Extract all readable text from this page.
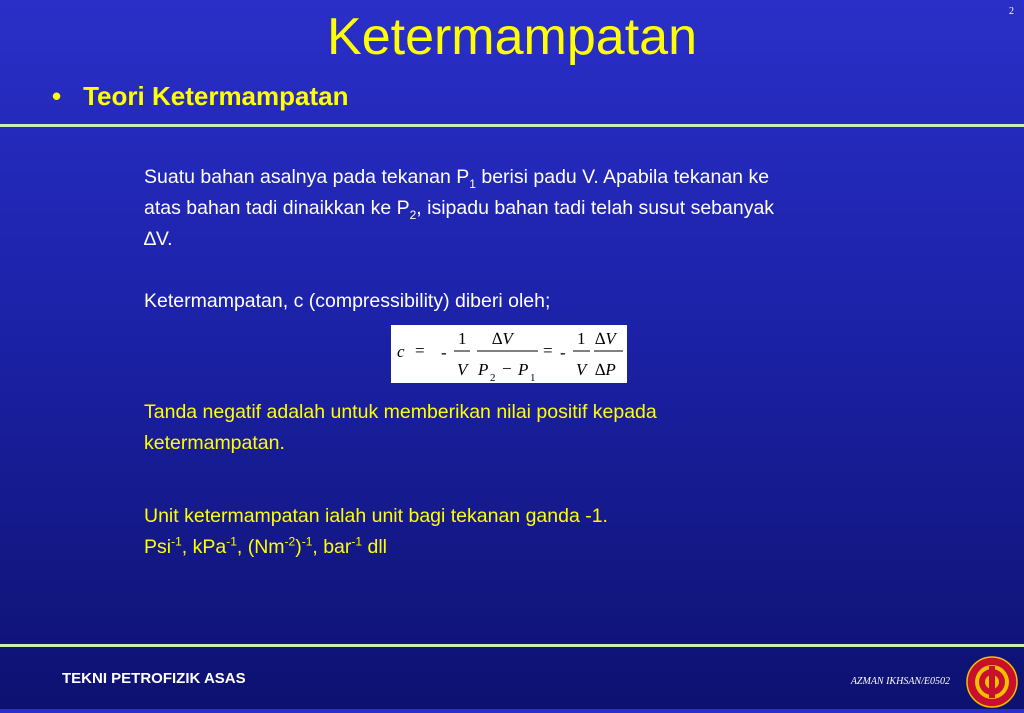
2
Ketermampatan
• Teori Ketermampatan
Suatu bahan asalnya pada tekanan $P_1$ berisi padu V. Apabila tekanan ke
atas bahan tadi dinaikkan ke $P_2$, isipadu bahan tadi telah susut sebanyak
∆V.
Ketermampatan, c (compressibility) diberi oleh;
c = -
1
V
∆V
P 2 − P 1
= -
1
V
∆V
∆P
Tanda negatif adalah untuk memberikan nilai positif kepada
ketermampatan.
Unit ketermampatan ialah unit bagi tekanan ganda -1.
Psi$^{-1}$, kPa$^{-1}$, $(Nm^{-2})^{-1}$, bar$^{-1}$ dll
TEKNI PETROFIZIK ASAS	AZMAN IKHSAN/E0502
